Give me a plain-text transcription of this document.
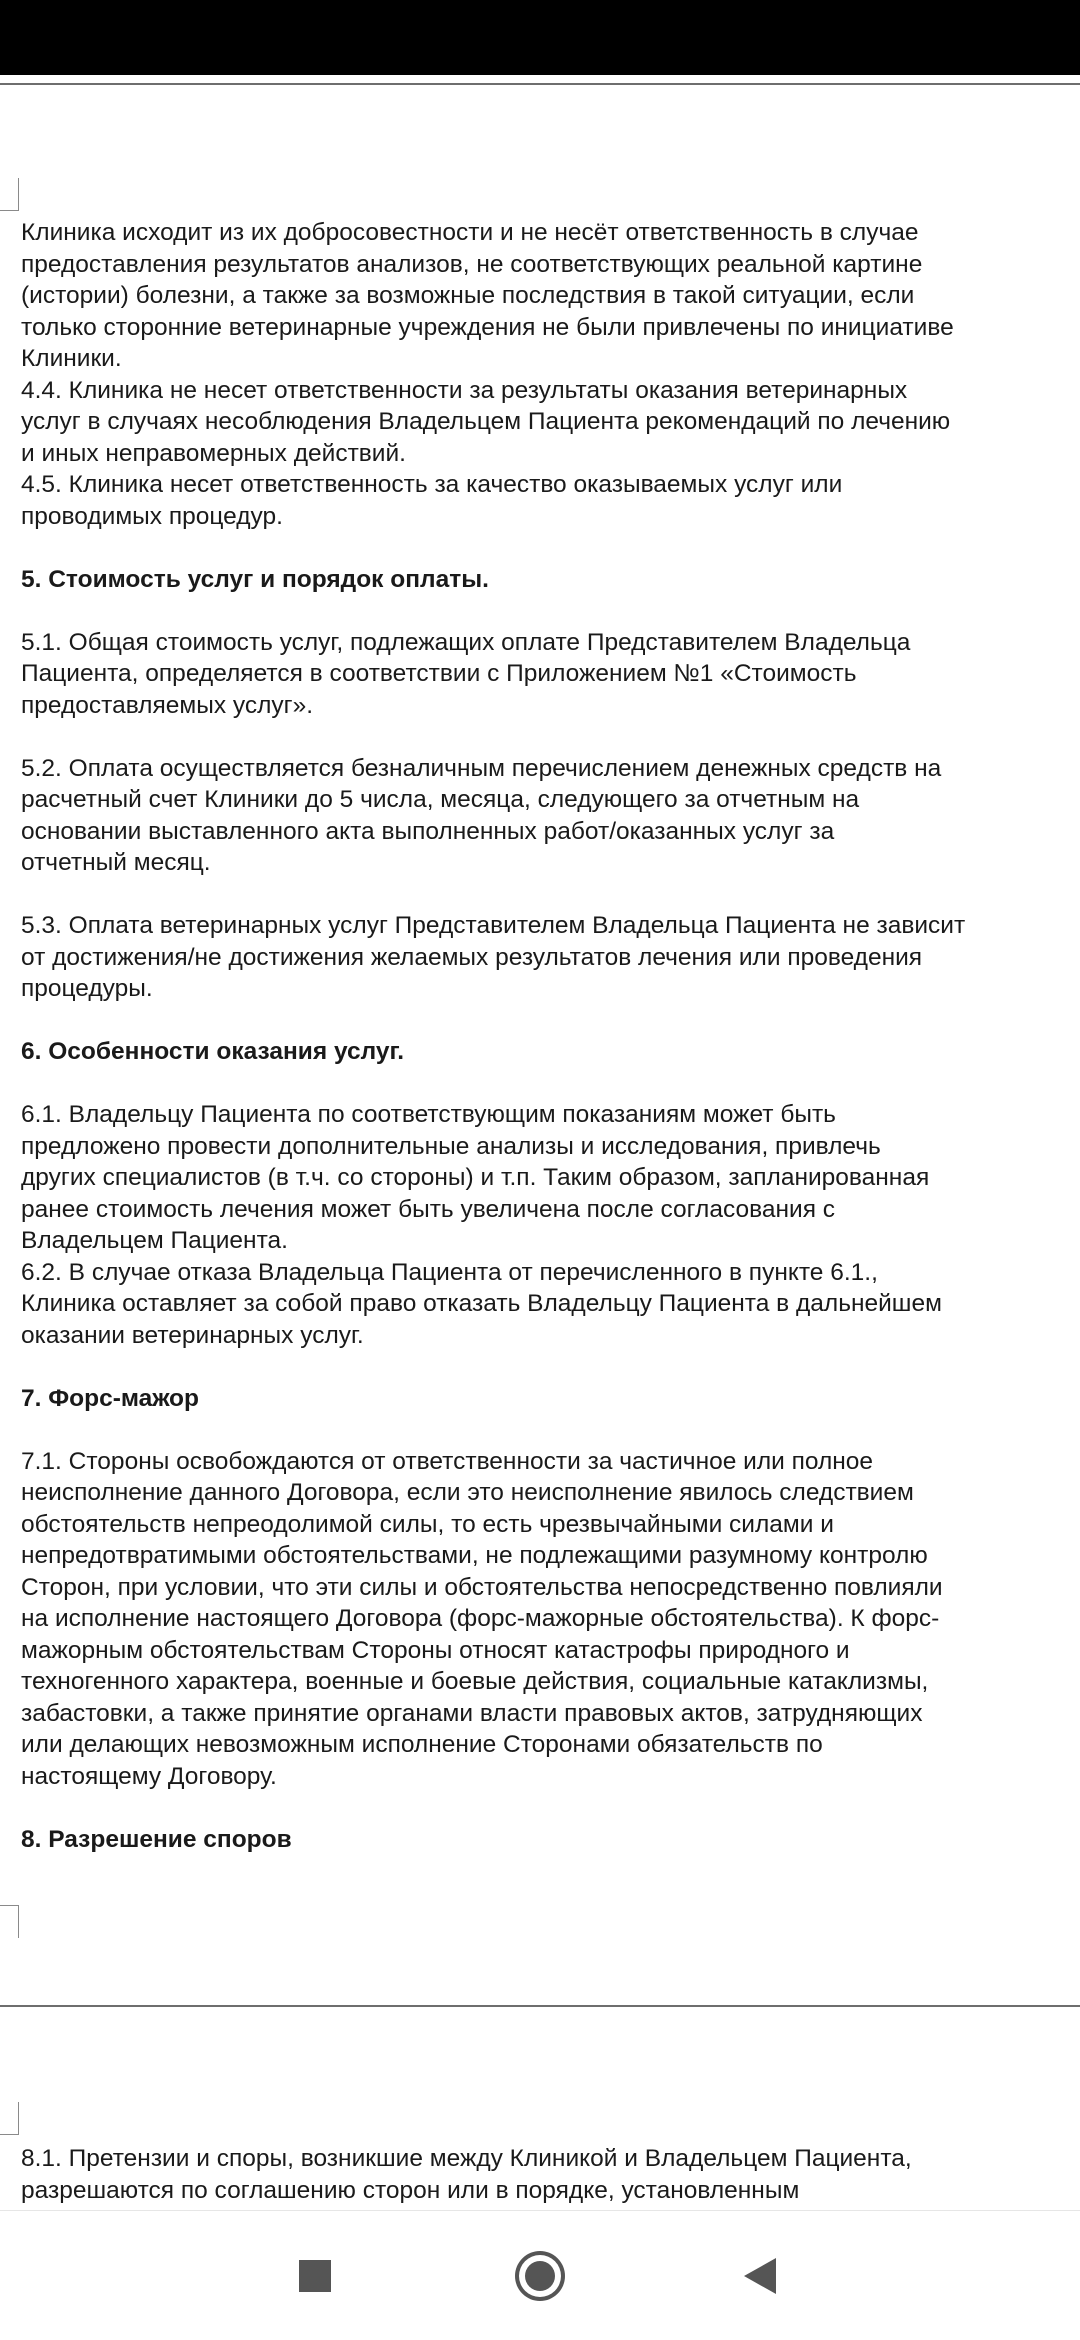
Клиника исходит из их добросовестности и не несёт ответственность в случае

предоставления результатов анализов, не соответствующих реальной картине

(истории) болезни, а также за возможные последствия в такой ситуации, если

только сторонние ветеринарные учреждения не были привлечены по инициативе

Клиники.

4.4. Клиника не несет ответственности за результаты оказания ветеринарных

услуг в случаях несоблюдения Владельцем Пациента рекомендаций по лечению

и иных неправомерных действий.

4.5. Клиника несет ответственность за качество оказываемых услуг или

проводимых процедур.

5. Стоимость услуг и порядок оплаты.

5.1. Общая стоимость услуг, подлежащих оплате Представителем Владельца

Пациента, определяется в соответствии с Приложением №1 «Стоимость

предоставляемых услуг».

5.2. Оплата осуществляется безналичным перечислением денежных средств на

расчетный счет Клиники до 5 числа, месяца, следующего за отчетным на

основании выставленного акта выполненных работ/оказанных услуг за

отчетный месяц.

5.3. Оплата ветеринарных услуг Представителем Владельца Пациента не зависит

от достижения/не достижения желаемых результатов лечения или проведения

процедуры.

6. Особенности оказания услуг.

6.1. Владельцу Пациента по соответствующим показаниям может быть

предложено провести дополнительные анализы и исследования, привлечь

других специалистов (в т.ч. со стороны) и т.п. Таким образом, запланированная

ранее стоимость лечения может быть увеличена после согласования с

Владельцем Пациента.

6.2. В случае отказа Владельца Пациента от перечисленного в пункте 6.1.,

Клиника оставляет за собой право отказать Владельцу Пациента в дальнейшем

оказании ветеринарных услуг.

7. Форс-мажор

7.1. Стороны освобождаются от ответственности за частичное или полное

неисполнение данного Договора, если это неисполнение явилось следствием

обстоятельств непреодолимой силы, то есть чрезвычайными силами и

непредотвратимыми обстоятельствами, не подлежащими разумному контролю

Сторон, при условии, что эти силы и обстоятельства непосредственно повлияли

на исполнение настоящего Договора (форс-мажорные обстоятельства). К форс-

мажорным обстоятельствам Стороны относят катастрофы природного и

техногенного характера, военные и боевые действия, социальные катаклизмы,

забастовки, а также принятие органами власти правовых актов, затрудняющих

или делающих невозможным исполнение Сторонами обязательств по

настоящему Договору.

8. Разрешение споров

8.1. Претензии и споры, возникшие между Клиникой и Владельцем Пациента,

разрешаются по соглашению сторон или в порядке, установленным
